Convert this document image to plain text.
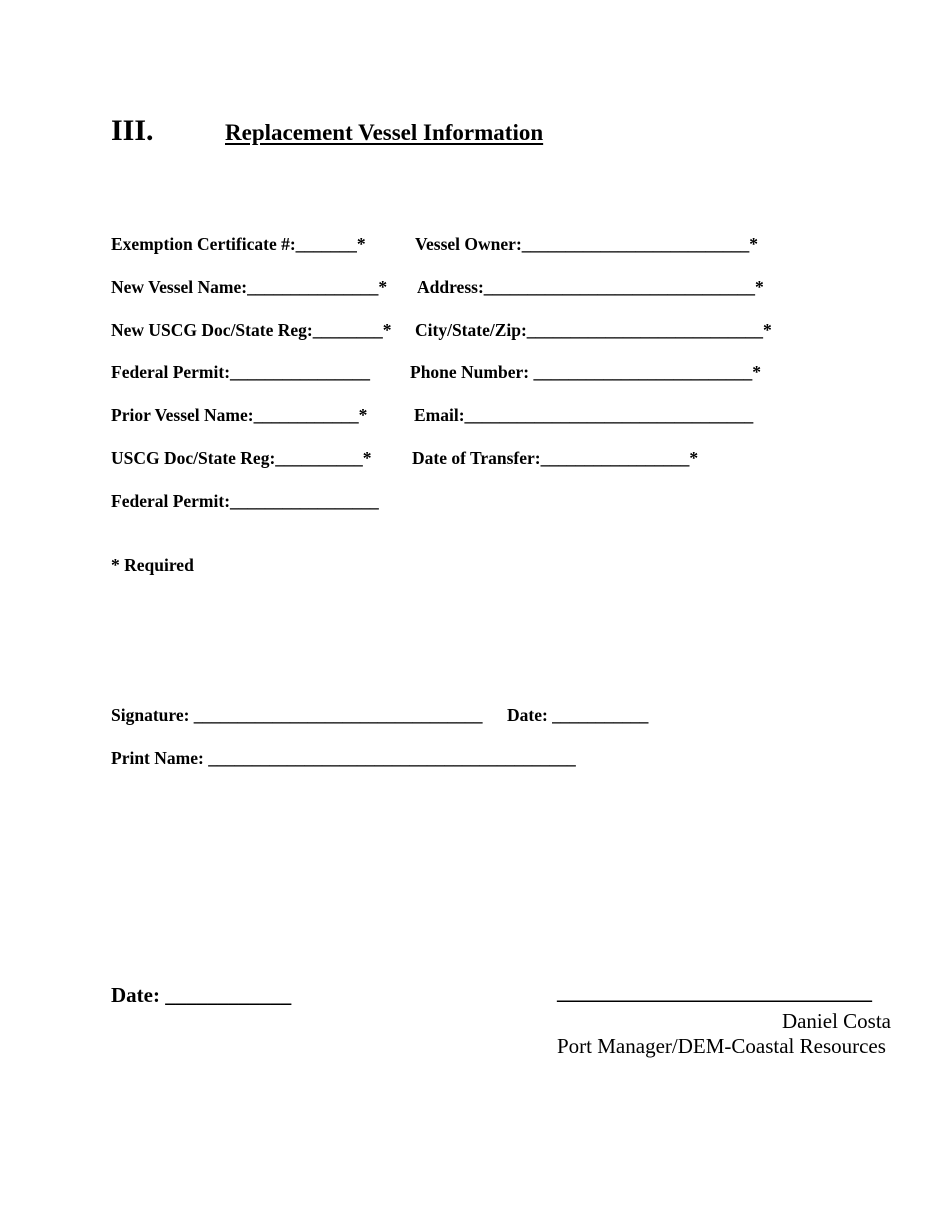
III.	Replacement Vessel Information
Exemption Certificate #:_______*	Vessel Owner:__________________________*
New Vessel Name:_______________* Address:_______________________________*
New USCG Doc/State Reg:________* City/State/Zip:___________________________*
Federal Permit:________________ Phone Number: _________________________*
Prior Vessel Name:____________*	Email:_________________________________
USCG Doc/State Reg:__________* Date of Transfer:_________________*
Federal Permit:_________________
* Required
Signature: _________________________________ Date: ___________
Print Name: __________________________________________
Date: ____________	______________________________
Daniel Costa
Port Manager/DEM-Coastal Resources
